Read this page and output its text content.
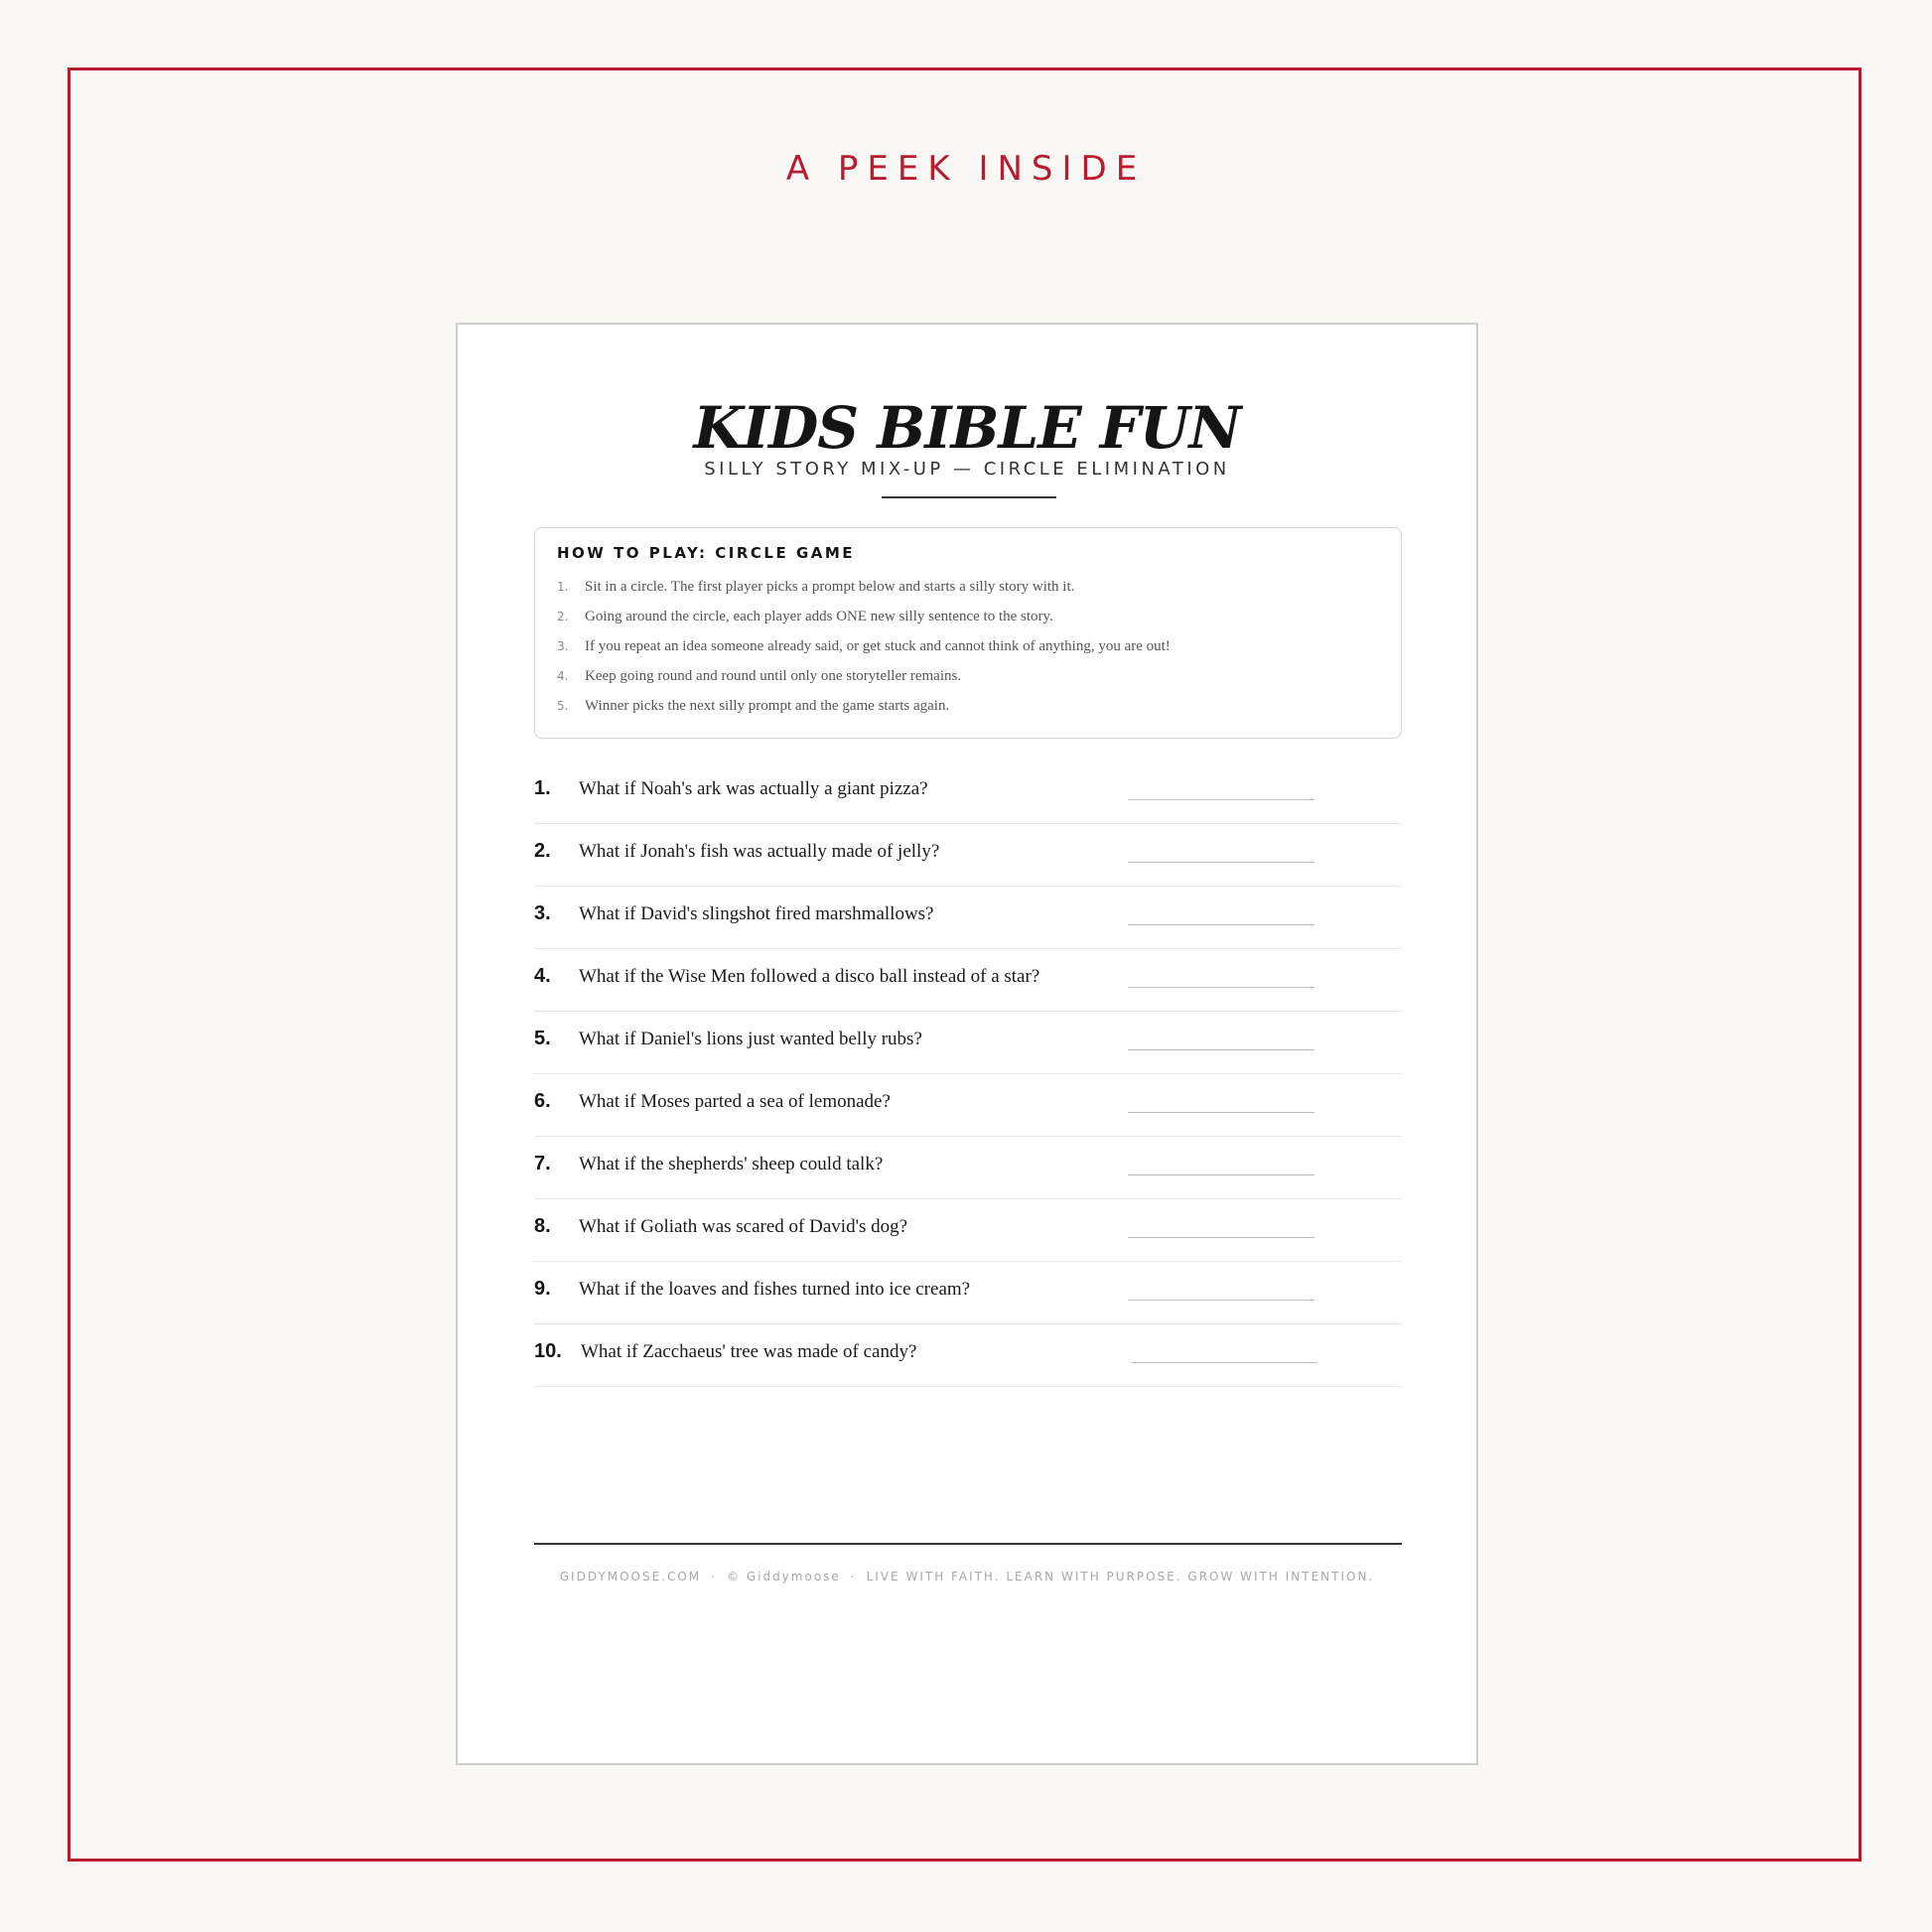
A PEEK INSIDE
KIDS BIBLE FUN
SILLY STORY MIX-UP — CIRCLE ELIMINATION
HOW TO PLAY: CIRCLE GAME
1.	Sit in a circle. The first player picks a prompt below and starts a silly story with it.
2.	Going around the circle, each player adds ONE new silly sentence to the story.
3.	If you repeat an idea someone already said, or get stuck and cannot think of anything, you are out!
4.	Keep going round and round until only one storyteller remains.
5.	Winner picks the next silly prompt and the game starts again.
1. What if Noah's ark was actually a giant pizza?
2. What if Jonah's fish was actually made of jelly?
3. What if David's slingshot fired marshmallows?
4. What if the Wise Men followed a disco ball instead of a star?
5. What if Daniel's lions just wanted belly rubs?
6. What if Moses parted a sea of lemonade?
7. What if the shepherds' sheep could talk?
8. What if Goliath was scared of David's dog?
9. What if the loaves and fishes turned into ice cream?
10. What if Zacchaeus' tree was made of candy?
GIDDYMOOSE.COM · © Giddymoose · LIVE WITH FAITH. LEARN WITH PURPOSE. GROW WITH INTENTION.
